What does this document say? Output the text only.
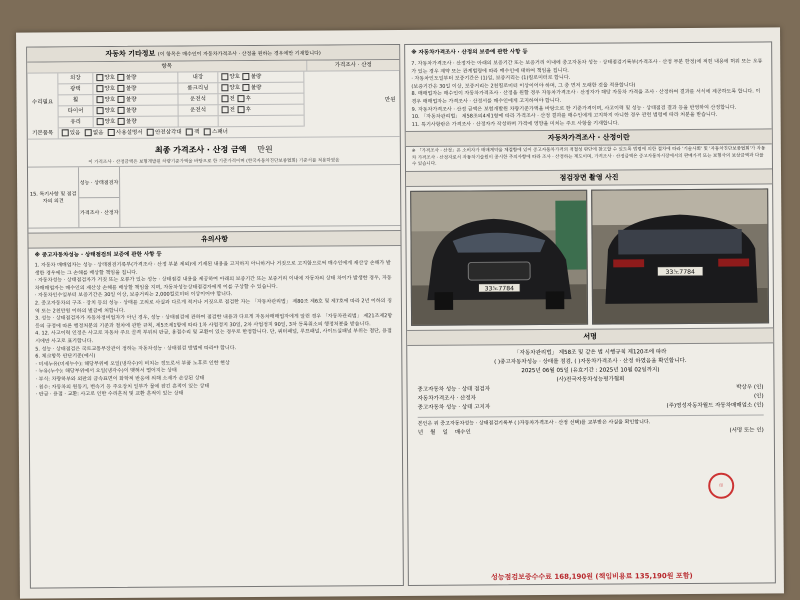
자동차 기타정보 (이 항목은 매수인이 자동차가격조사 · 산정을 원하는 경우에만 기재합니다)
항목	가격조사 · 산정
수리필요
외장	양호 불량	내장	양호 불량
광택	양호 불량	룸크리닝	양호 불량
휠	양호 불량	운전석	전 후
타이어	양호 불량	운전석	전 후
유리	양호 불량
만원
기본품목	있음 없음 사용설명서 안전삼각대 잭 스패너
최종 가격조사 · 산정 금액 만원
이 가격조사 · 산정금액은 보험개발원 차량기준가액을 바탕으로 한 기준가격이며 (한국자동차진단보증협회) 기준서를 적용하였음
15. 특기사항 및 점검자의 의견
성능 · 상태점검자
가격조사 · 산정자
유의사항
※ 중고자동차성능 · 상태점검의 보증에 관한 사항 등

1. 자동차 매매업자는 성능 · 상태점검기록부(가격조사 · 산정 부분 제외)에 기재된 내용을 고지하지 아니하거나 거짓으로 고지함으로써 매수인에게 재산상 손해가 발생한 경우에는 그 손해를 배상할 책임을 집니다.

· 자동차성능 · 상태점검자가 거짓 또는 오류가 있는 성능 · 상태점검 내용을 제공하여 아래의 보증기간 또는 보증거리 이내에 자동차의 상태 차이가 발생한 경우, 자동차매매업자는 매수인의 재산상 손해를 배상할 책임을 지며, 자동차성능상태점검자에게 이를 구상할 수 있습니다.

· 자동차인수일부터 보증기간은 30일 이상, 보증거리는 2,000킬로미터 이상이어야 합니다.

2. 중고자동차의 구조 · 장치 등의 성능 · 상태를 고의로 사실과 다르게 적거나 거짓으로 점검한 자는 「자동차관리법」 제80조 제6호 및 제7호에 따라 2년 이하의 징역 또는 2천만원 이하의 벌금에 처합니다.

3. 성능 · 상태점검자가 자동차정비업자가 아닌 경우, 성능 · 상태점검에 관하여 점검한 내용과 다르게 자동차매매업자에게 알린 경우 「자동차관리법」 제21조제2항 등의 규정에 따른 행정처분의 기준과 절차에 관한 규칙, 제5조제1항에 따라 1차 사업정지 30일, 2차 사업정지 90일, 3차 등록취소의 행정처분을 받습니다.

4. 12. 사고이력 인정은 사고로 자동차 주요 골격 부위의 판금, 용접수리 및 교환이 있는 경우로 한정합니다. 단, 쿼터패널, 루프패널, 사이드실패널 부위는 절단, 용접시에만 사고로 표기합니다.

5. 성능 · 상태점검은 국토교통부장관이 정하는 자동차성능 · 상태점검 방법에 따라야 합니다.

6. 체크항목 판단기준(예시)

· 미세누유(미세누수): 해당부위에 오일(냉각수)이 비치는 정도로서 부품 노후로 인한 현상

· 누유(누수): 해당부위에서 오일(냉각수)이 맺혀서 떨어지는 상태

· 부식: 차량하부와 외판의 금속표면이 화학적 반응에 의해 소재가 손상된 상태

· 침수: 자동차의 원동기, 변속기 등 주요장치 일부가 물에 잠긴 흔적이 있는 상태

· 판금 · 용접 · 교환: 사고로 인한 수리흔적 및 교환 흔적이 있는 상태

※ 자동차가격조사 · 산정의 보증에 관한 사항 등

7. 자동차가격조사 · 산정자는 아래의 보증기간 또는 보증거리 이내에 중고자동차 성능 · 상태점검기록부(가격조사 · 산정 부분 한정)에 적힌 내용에 허위 또는 오류가 있는 경우 계약 또는 관계법령에 따라 매수인에 대하여 책임을 집니다.

· 자동차인도일부터 보증기간은 (1)일, 보증거리는 (1)킬로미터로 합니다.

(보증기간은 30일 이상, 보증거리는 2천킬로미터 이상이어야 하며, 그 중 먼저 도래한 것을 적용합니다)

8. 매매업자는 매수인이 자동차가격조사 · 산정을 원할 경우 자동차가격조사 · 산정자가 해당 자동차 가격을 조사 · 산정하여 결과를 서식에 제공하도록 합니다. 이 경우 매매업자는 가격조사 · 산정서를 매수인에게 고지하여야 합니다.

9. 자동차가격조사 · 산정 금액은 보험개발원 차량기준가액을 바탕으로 한 기준가격이며, 사고이력 및 성능 · 상태점검 결과 등을 반영하여 산정합니다.

10. 「자동차관리법」 제58조의4제1항에 따라 가격조사 · 산정 결과를 매수인에게 고지하지 아니한 경우 관련 법령에 따라 처분을 받습니다.

11. 특기사항란은 가격조사 · 산정자가 작성하며 가격에 영향을 미치는 주요 사항을 기재합니다.

자동차가격조사 · 산정이란
※ 「가격조사 · 산정」은 소비자가 매매계약을 체결함에 있어 중고자동차가격의 적절성 판단에 참고할 수 있도록 법령에 의한 절차에 따라 '기술사회' 및 '자동차진단보증협회'가 자동차 가격조사 · 산정자로서 자동차기술원이 공시한 주의사항에 따라 조사 · 산정하는 제도이며, 가격조사 · 산정금액은 중고자동차시장에서의 판매가격 또는 보험사의 보상금액과 다를 수 있습니다.
점검장면 촬영 사진
33노7784
33노7784
서명
「자동차관리법」 제58조 및 같은 법 시행규칙 제120조에 따라
( )중고자동차성능 · 상태를 점검, ( )자동차가격조사 · 산정 하였음을 확인합니다.
2025년 06월 05일 (유효기간 : 2025년 10월 02일까지)
(사)전국자동차성능평가협회
중고자동차 성능 · 상태 점검자	박상우 (인)
자동차가격조사 · 산정자	(인)
중고자동차 성능 · 상태 고지자	(주)영성자동차월드 자동차매매업소 (인)
본인은 위 중고자동차성능 · 상태점검기록부 ( )자동차가격조사 · 산정 선택)를 교부받은 사실을 확인합니다.
년 월 일 매수인	(서명 또는 인)
印
성능점검보증수수료 168,190원 (책임비용료 135,190원 포함)
